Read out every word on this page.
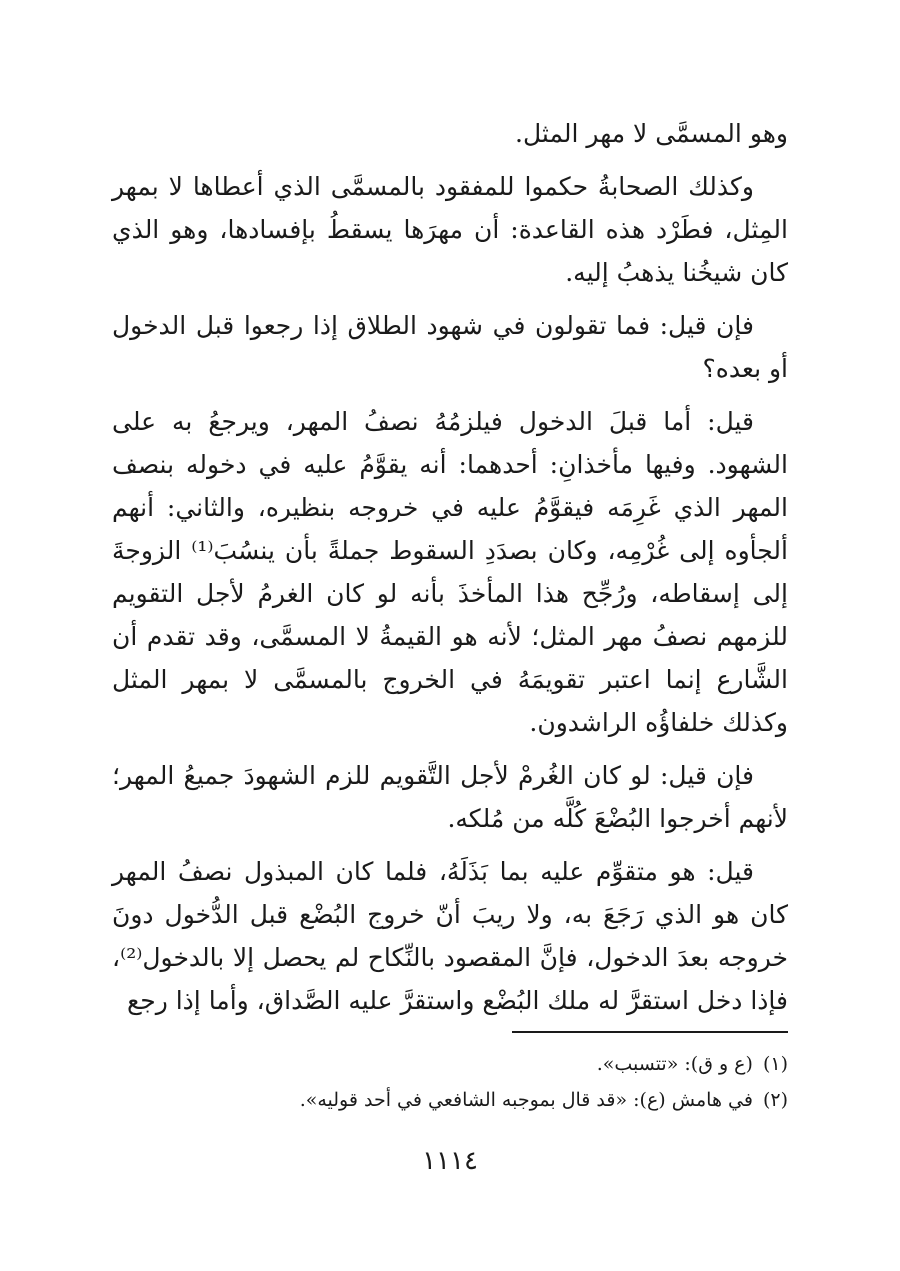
وهو المسمَّى لا مهر المثل.

وكذلك الصحابةُ حكموا للمفقود بالمسمَّى الذي أعطاها لا بمهر المِثل، فطَرْد هذه القاعدة: أن مهرَها يسقطُ بإفسادها، وهو الذي كان شيخُنا يذهبُ إليه.

فإن قيل: فما تقولون في شهود الطلاق إذا رجعوا قبل الدخول أو بعده؟

قيل: أما قبلَ الدخول فيلزمُهُ نصفُ المهر، ويرجعُ به على الشهود. وفيها مأخذانِ: أحدهما: أنه يقوَّمُ عليه في دخوله بنصف المهر الذي غَرِمَه فيقوَّمُ عليه في خروجه بنظيره، والثاني: أنهم ألجأوه إلى غُرْمِه، وكان بصدَدِ السقوط جملةً بأن ينسُبَ⁽¹⁾ الزوجةَ إلى إسقاطه، ورُجِّح هذا المأخذَ بأنه لو كان الغرمُ لأجل التقويم للزمهم نصفُ مهر المثل؛ لأنه هو القيمةُ لا المسمَّى، وقد تقدم أن الشَّارع إنما اعتبر تقويمَهُ في الخروج بالمسمَّى لا بمهر المثل وكذلك خلفاؤُه الراشدون.

فإن قيل: لو كان الغُرمْ لأجل التَّقويم للزم الشهودَ جميعُ المهر؛ لأنهم أخرجوا البُضْعَ كُلَّه من مُلكه.

قيل: هو متقوِّم عليه بما بَذَلَهُ، فلما كان المبذول نصفُ المهر كان هو الذي رَجَعَ به، ولا ريبَ أنّ خروج البُضْع قبل الدُّخول دونَ خروجه بعدَ الدخول، فإنَّ المقصود بالنِّكاح لم يحصل إلا بالدخول⁽²⁾، فإذا دخل استقرَّ له ملك البُضْع واستقرَّ عليه الصَّداق، وأما إذا رجع

(١)(ع و ق): «تتسبب».
(٢)في هامش (ع): «قد قال بموجبه الشافعي في أحد قوليه».
١١١٤
